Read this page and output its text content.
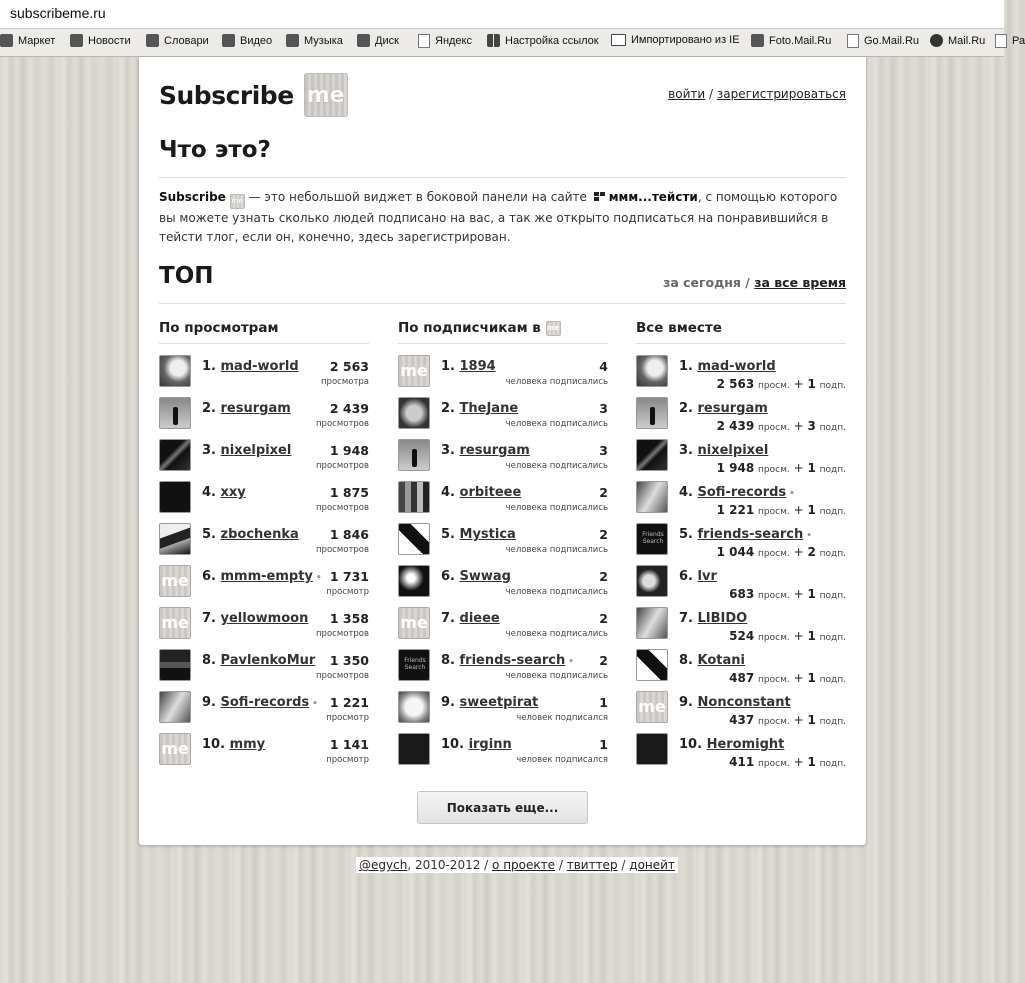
subscribeme.ru
Маркет	Новости	Словари	Видео	Музыка	Диск	Яндекс	Настройка ссылок	Импортировано из IE	Foto.Mail.Ru	Go.Mail.Ru	Mail.Ru Ра
Subscribe me	войти / зарегистрироваться
Что это?
Subscribe me — это небольшой виджет в боковой панели на сайте ммм...тейсти, с помощью которого вы можете узнать сколько людей подписано на вас, а так же открыто подписаться на понравившийся в тейсти тлог, если он, конечно, здесь зарегистрирован.
ТОП	за сегодня / за все время
По просмотрам
1. mad-world 2 563
просмотра
2. resurgam	2 439
просмотров
3. nixelpixel	1 948
просмотров
4. xxy	1 875
просмотров
5. zbochenka 1 846
просмотров
me 6. mmm-empty • 1 731
просмотр
me 7. yellowmoon 1 358
просмотров
8. PavlenkoMur 1 350
просмотров
9. Sofi-records • 1 221
просмотр
me 10. mmy	1 141
просмотр
По подписчикам в
me
me 1. 1894	4
человека подписались
2. TheJane	3
человека подписались
3. resurgam	3
человека подписались
4. orbiteee	2
человека подписались
5. Mystica	2
человека подписались
6. Swwag	2
человека подписались
me 7. dieee	2
человека подписались
Friends Search
8. friends-search • 2
человека подписались
9. sweetpirat	1
человек подписался
10. irginn	1
человек подписался
Все вместе
1. mad-world
2 563 просм. + 1 подп.
2. resurgam
2 439 просм. + 3 подп.
3. nixelpixel
1 948 просм. + 1 подп.
4. Sofi-records •
1 221 просм. + 1 подп.
Friends Search
5. friends-search •
1 044 просм. + 2 подп.
6. lvr
683 просм. + 1 подп.
7. LIBIDO
524 просм. + 1 подп.
8. Kotani
487 просм. + 1 подп.
me 9. Nonconstant
437 просм. + 1 подп.
10. Heromight
411 просм. + 1 подп.
Показать еще...
@egych, 2010-2012 / о проекте / твиттер / донейт
